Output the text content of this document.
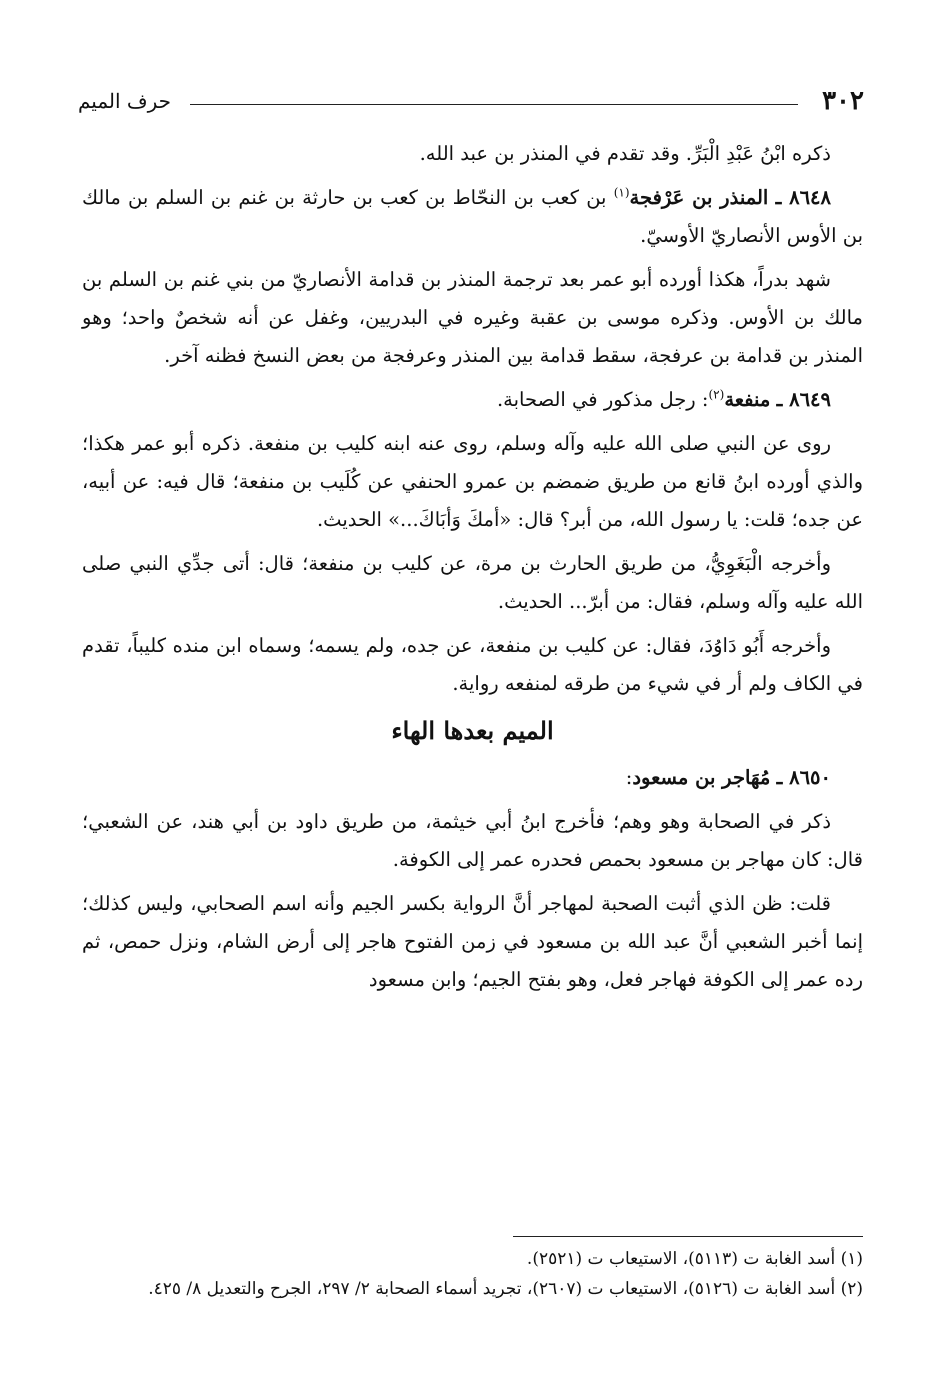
٣٠٢
حرف الميم

ذكره ابْنُ عَبْدِ الْبَرِّ. وقد تقدم في المنذر بن عبد الله.

٨٦٤٨ ـ المنذر بن عَرْفجة$^{(١)}$ بن كعب بن النحّاط بن كعب بن حارثة بن غنم بن السلم بن مالك بن الأوس الأنصاريّ الأوسيّ.

شهد بدراً، هكذا أورده أبو عمر بعد ترجمة المنذر بن قدامة الأنصاريّ من بني غنم بن السلم بن مالك بن الأوس. وذكره موسى بن عقبة وغيره في البدريين، وغفل عن أنه شخصٌ واحد؛ وهو المنذر بن قدامة بن عرفجة، سقط قدامة بين المنذر وعرفجة من بعض النسخ فظنه آخر.

٨٦٤٩ ـ منفعة$^{(٢)}$: رجل مذكور في الصحابة.

روى عن النبي صلى الله عليه وآله وسلم، روى عنه ابنه كليب بن منفعة. ذكره أبو عمر هكذا؛ والذي أورده ابنُ قانع من طريق ضمضم بن عمرو الحنفي عن كُلَيب بن منفعة؛ قال فيه: عن أبيه، عن جده؛ قلت: يا رسول الله، من أبر؟ قال: «أمكَ وَأبَاكَ...» الحديث.

وأخرجه الْبَغَوِيُّ، من طريق الحارث بن مرة، عن كليب بن منفعة؛ قال: أتى جدِّي النبي صلى الله عليه وآله وسلم، فقال: من أبرّ... الحديث.

وأخرجه أَبُو دَاوُدَ، فقال: عن كليب بن منفعة، عن جده، ولم يسمه؛ وسماه ابن منده كليباً، تقدم في الكاف ولم أر في شيء من طرقه لمنفعه رواية.

الميم بعدها الهاء

٨٦٥٠ ـ مُهَاجر بن مسعود:

ذكر في الصحابة وهو وهم؛ فأخرج ابنُ أبي خيثمة، من طريق داود بن أبي هند، عن الشعبي؛ قال: كان مهاجر بن مسعود بحمص فحدره عمر إلى الكوفة.

قلت: ظن الذي أثبت الصحبة لمهاجر أنَّ الرواية بكسر الجيم وأنه اسم الصحابي، وليس كذلك؛ إنما أخبر الشعبي أنَّ عبد الله بن مسعود في زمن الفتوح هاجر إلى أرض الشام، ونزل حمص، ثم رده عمر إلى الكوفة فهاجر فعل، وهو بفتح الجيم؛ وابن مسعود

(١) أسد الغابة ت (٥١١٣)، الاستيعاب ت (٢٥٢١).

(٢) أسد الغابة ت (٥١٢٦)، الاستيعاب ت (٢٦٠٧)، تجريد أسماء الصحابة ٢/ ٢٩٧، الجرح والتعديل ٨/ ٤٢٥.
